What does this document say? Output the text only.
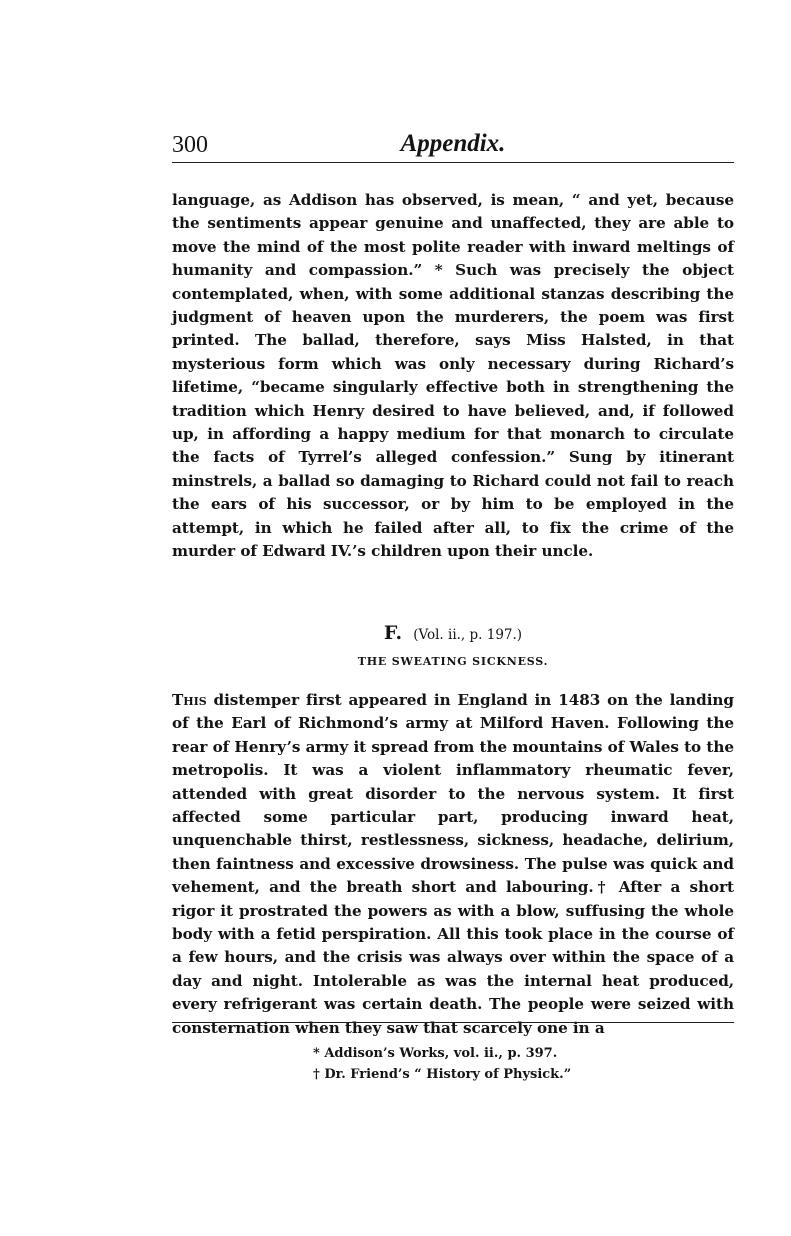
300	Appendix.

language, as Addison has observed, is mean, “ and yet, because the sentiments appear genuine and unaffected, they are able to move the mind of the most polite reader with inward meltings of humanity and compassion.” * Such was precisely the object contemplated, when, with some additional stanzas describing the judgment of heaven upon the murderers, the poem was first printed. The ballad, therefore, says Miss Halsted, in that mysterious form which was only necessary during Richard’s lifetime, “became singularly effective both in strengthening the tradition which Henry desired to have believed, and, if followed up, in affording a happy medium for that monarch to circulate the facts of Tyrrel’s alleged confession.” Sung by itinerant minstrels, a ballad so damaging to Richard could not fail to reach the ears of his successor, or by him to be employed in the attempt, in which he failed after all, to fix the crime of the murder of Edward IV.’s children upon their uncle.

F. (Vol. ii., p. 197.)
THE SWEATING SICKNESS.

This distemper first appeared in England in 1483 on the landing of the Earl of Richmond’s army at Milford Haven. Following the rear of Henry’s army it spread from the mountains of Wales to the metropolis. It was a violent inflammatory rheumatic fever, attended with great disorder to the nervous system. It first affected some particular part, producing inward heat, unquenchable thirst, restlessness, sickness, headache, delirium, then faintness and excessive drowsiness. The pulse was quick and vehement, and the breath short and labouring.† After a short rigor it prostrated the powers as with a blow, suffusing the whole body with a fetid perspiration. All this took place in the course of a few hours, and the crisis was always over within the space of a day and night. Intolerable as was the internal heat produced, every refrigerant was certain death. The people were seized with consternation when they saw that scarcely one in a

* Addison’s Works, vol. ii., p. 397.
† Dr. Friend’s “ History of Physick.”
